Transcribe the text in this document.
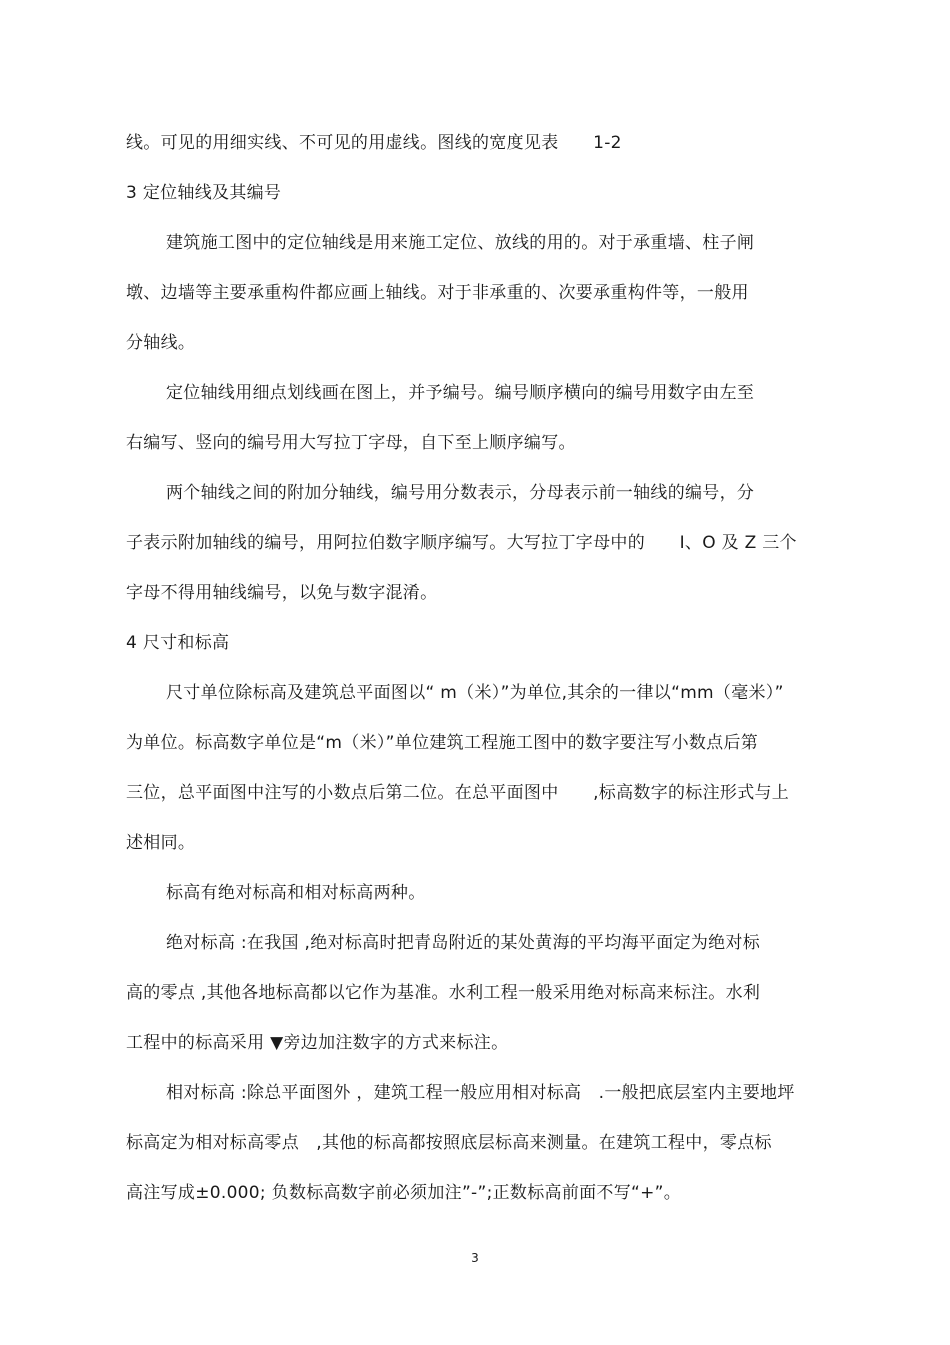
线。可见的用细实线、不可见的用虚线。图线的宽度见表　　1-2
3 定位轴线及其编号
建筑施工图中的定位轴线是用来施工定位、放线的用的。对于承重墙、柱子闸
墩、边墙等主要承重构件都应画上轴线。对于非承重的、次要承重构件等，一般用
分轴线。
定位轴线用细点划线画在图上，并予编号。编号顺序横向的编号用数字由左至
右编写、竖向的编号用大写拉丁字母，自下至上顺序编写。
两个轴线之间的附加分轴线，编号用分数表示，分母表示前一轴线的编号，分
子表示附加轴线的编号，用阿拉伯数字顺序编写。大写拉丁字母中的　　I、O 及 Z 三个
字母不得用轴线编号，以免与数字混淆。
4 尺寸和标高
尺寸单位除标高及建筑总平面图以“ m（米）”为单位,其余的一律以“mm（毫米）”
为单位。标高数字单位是“m（米）”单位建筑工程施工图中的数字要注写小数点后第
三位，总平面图中注写的小数点后第二位。在总平面图中　　,标高数字的标注形式与上
述相同。
标高有绝对标高和相对标高两种。
绝对标高 :在我国 ,绝对标高时把青岛附近的某处黄海的平均海平面定为绝对标
高的零点 ,其他各地标高都以它作为基准。水利工程一般采用绝对标高来标注。水利
工程中的标高采用 ▼旁边加注数字的方式来标注。
相对标高 :除总平面图外 ，建筑工程一般应用相对标高　.一般把底层室内主要地坪
标高定为相对标高零点　,其他的标高都按照底层标高来测量。在建筑工程中，零点标
高注写成±0.000; 负数标高数字前必须加注”-”;正数标高前面不写“+”。
3
